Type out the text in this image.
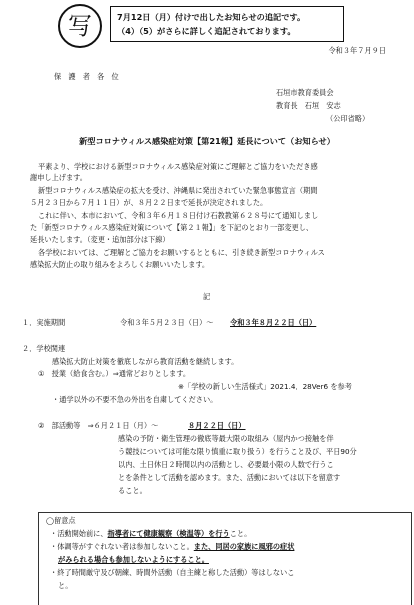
写	7月12日（月）付けで出したお知らせの追記です。
（4）（5）がさらに詳しく追記されております。
令和３年７月９日
保　護　者　各　位
石垣市教育委員会
教育長　石垣　安志
（公印省略）
新型コロナウィルス感染症対策【第21報】延長について（お知らせ）
平素より、学校における新型コロナウィルス感染症対策にご理解とご協力をいただき感
謝申し上げます。
新型コロナウィルス感染症の拡大を受け、沖縄県に発出されていた緊急事態宣言（期間
５月２３日から７月１１日）が、８月２２日まで延長が決定されました。
これに伴い、本市において、令和３年６月１８日付け石教教第６２８号にて通知しまし
た「新型コロナウィルス感染症対策について【第２１報】」を下記のとおり一部変更し、
延長いたします。（変更・追加部分は下線）
各学校においては、ご理解とご協力をお願いするとともに、引き続き新型コロナウィルス
感染拡大防止の取り組みをよろしくお願いいたします。
記
１．実施期間	令和３年５月２３日（日）～ 令和３年８月２２日（日）
２．学校関連
感染拡大防止対策を徹底しながら教育活動を継続します。
①　授業（給食含む。）⇒通常どおりとします。
※「学校の新しい生活様式」2021.4．28Ver6 を参考
・通学以外の不要不急の外出を自粛してください。
②　部活動等　⇒６月２１日（月）～	８月２２日（日）
感染の予防・衛生管理の徹底等最大限の取組み（屋内かつ接触を伴
う競技については可能な限り慎重に取り扱う）を行うこと及び、平日90分
以内、土日休日２時間以内の活動とし、必要最小限の人数で行うこ
とを条件として活動を認めます。また、活動においては以下を留意す
ること。
◯留意点
・活動開始前に、指導者にて健康観察（検温等）を行うこと。
・体調等がすぐれない者は参加しないこと。また、同居の家族に風邪の症状
がみられる場合も参加しないようにすること。
・終了時間厳守及び朝練、時間外活動（自主練と称した活動）等はしないこ
と。
